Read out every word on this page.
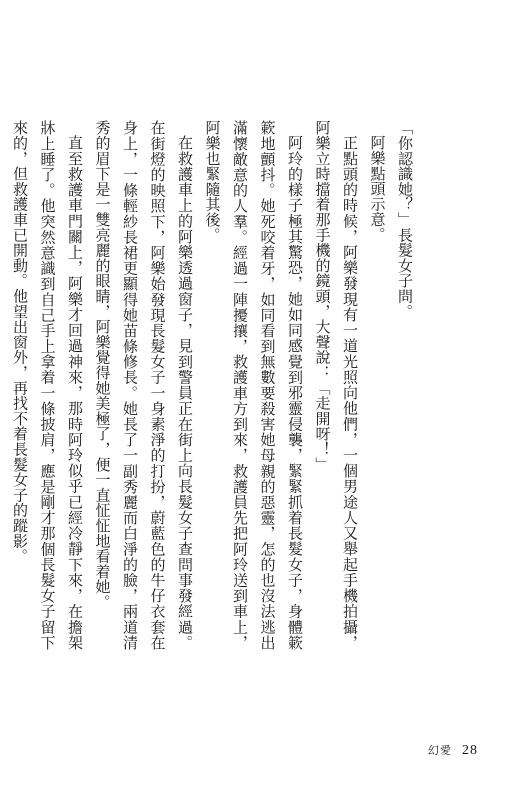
「你認識她？」長髮女子問。

阿樂點頭示意。

正點頭的時候，阿樂發現有一道光照向他們，一個男途人又舉起手機拍攝，阿樂立時擋着那手機的鏡頭，大聲說：「走開呀！」

阿玲的樣子極其驚恐，她如同感覺到邪靈侵襲，緊緊抓着長髮女子，身體簌簌地顫抖。她死咬着牙，如同看到無數要殺害她母親的惡靈，怎的也沒法逃出滿懷敵意的人羣。經過一陣擾攘，救護車方到來，救護員先把阿玲送到車上，阿樂也緊隨其後。

在救護車上的阿樂透過窗子，見到警員正在街上向長髮女子查問事發經過。在街燈的映照下，阿樂始發現長髮女子一身素淨的打扮，蔚藍色的牛仔衣套在身上，一條輕紗長裙更顯得她苗條修長。她長了一副秀麗而白淨的臉，兩道清秀的眉下是一雙亮麗的眼睛，阿樂覺得她美極了，便一直怔怔地看着她。

直至救護車門關上，阿樂才回過神來，那時阿玲似乎已經冷靜下來，在擔架牀上睡了。他突然意識到自己手上拿着一條披肩，應是剛才那個長髮女子留下來的，但救護車已開動。他望出窗外，再找不着長髮女子的蹤影。

幻愛 28
